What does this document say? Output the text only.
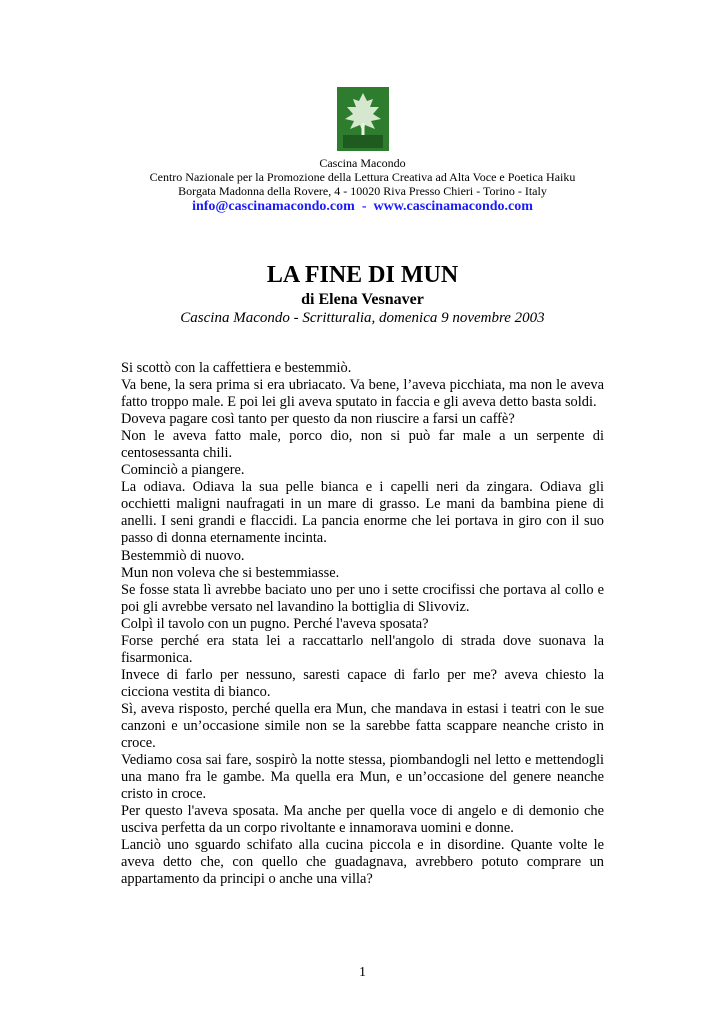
Cascina Macondo
Centro Nazionale per la Promozione della Lettura Creativa ad Alta Voce e Poetica Haiku
Borgata Madonna della Rovere, 4 - 10020 Riva Presso Chieri - Torino - Italy
info@cascinamacondo.com - www.cascinamacondo.com
LA FINE DI MUN
di Elena Vesnaver
Cascina Macondo - Scritturalia, domenica 9 novembre 2003

Si scottò con la caffettiera e bestemmiò.

Va bene, la sera prima si era ubriacato. Va bene, l’aveva picchiata, ma non le aveva fatto troppo male. E poi lei gli aveva sputato in faccia e gli aveva detto basta soldi.

Doveva pagare così tanto per questo da non riuscire a farsi un caffè?

Non le aveva fatto male, porco dio, non si può far male a un serpente di centosessanta chili.

Cominciò a piangere.

La odiava. Odiava la sua pelle bianca e i capelli neri da zingara. Odiava gli occhietti maligni naufragati in un mare di grasso. Le mani da bambina piene di anelli. I seni grandi e flaccidi. La pancia enorme che lei portava in giro con il suo passo di donna eternamente incinta.

Bestemmiò di nuovo.

Mun non voleva che si bestemmiasse.

Se fosse stata lì avrebbe baciato uno per uno i sette crocifissi che portava al collo e poi gli avrebbe versato nel lavandino la bottiglia di Slivoviz.

Colpì il tavolo con un pugno. Perché l'aveva sposata?

Forse perché era stata lei a raccattarlo nell'angolo di strada dove suonava la fisarmonica.

Invece di farlo per nessuno, saresti capace di farlo per me? aveva chiesto la cicciona vestita di bianco.

Sì, aveva risposto, perché quella era Mun, che mandava in estasi i teatri con le sue canzoni e un’occasione simile non se la sarebbe fatta scappare neanche cristo in croce.

Vediamo cosa sai fare, sospirò la notte stessa, piombandogli nel letto e mettendogli una mano fra le gambe. Ma quella era Mun, e un’occasione del genere neanche cristo in croce.

Per questo l'aveva sposata. Ma anche per quella voce di angelo e di demonio che usciva perfetta da un corpo rivoltante e innamorava uomini e donne.

Lanciò uno sguardo schifato alla cucina piccola e in disordine. Quante volte le aveva detto che, con quello che guadagnava, avrebbero potuto comprare un appartamento da principi o anche una villa?

1
